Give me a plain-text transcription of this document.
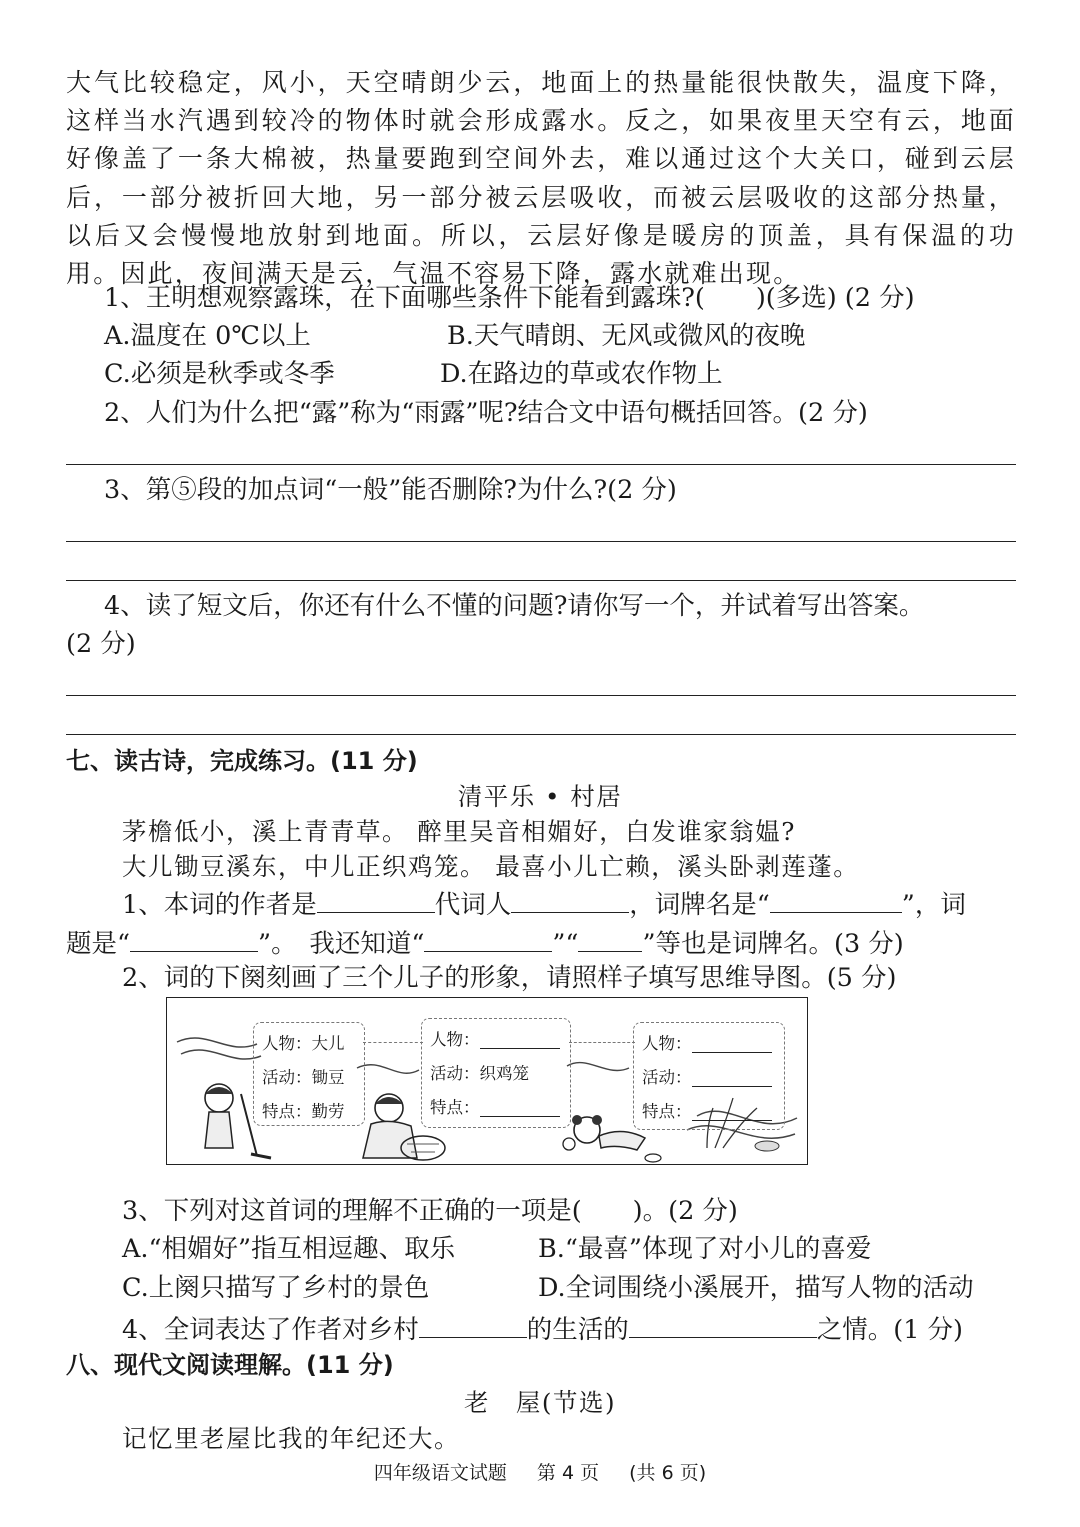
大气比较稳定，风小，天空晴朗少云，地面上的热量能很快散失，温度下降，这样当水汽遇到较冷的物体时就会形成露水。反之，如果夜里天空有云，地面好像盖了一条大棉被，热量要跑到空间外去，难以通过这个大关口，碰到云层后，一部分被折回大地，另一部分被云层吸收，而被云层吸收的这部分热量，以后又会慢慢地放射到地面。所以，云层好像是暖房的顶盖，具有保温的功用。因此，夜间满天是云，气温不容易下降，露水就难出现。
1、王明想观察露珠，在下面哪些条件下能看到露珠?(　　)(多选) (2 分)
A.温度在 0℃以上	B.天气晴朗、无风或微风的夜晚
C.必须是秋季或冬季	D.在路边的草或农作物上
2、人们为什么把“露”称为“雨露”呢?结合文中语句概括回答。(2 分)
3、第⑤段的加点词“一般”能否删除?为什么?(2 分)
4、读了短文后，你还有什么不懂的问题?请你写一个，并试着写出答案。
(2 分)
七、读古诗，完成练习。(11 分)
清平乐 • 村居
茅檐低小，溪上青青草。 醉里吴音相媚好，白发谁家翁媪?
大儿锄豆溪东，中儿正织鸡笼。 最喜小儿亡赖，溪头卧剥莲蓬。
1、本词的作者是	代词人	，词牌名是“	”，词
题是“	”。　我还知道“	”“	”等也是词牌名。(3 分)
2、词的下阕刻画了三个儿子的形象，请照样子填写思维导图。(5 分)
人物：大儿
活动：锄豆
特点：勤劳
人物：
活动：织鸡笼
特点：
人物：
活动：
特点：
3、下列对这首词的理解不正确的一项是(　　)。(2 分)
A.“相媚好”指互相逗趣、取乐	B.“最喜”体现了对小儿的喜爱
C.上阕只描写了乡村的景色	D.全词围绕小溪展开，描写人物的活动
4、全词表达了作者对乡村	的生活的	之情。(1 分)
八、现代文阅读理解。(11 分)
老　屋(节选)
记忆里老屋比我的年纪还大。
四年级语文试题 第 4 页 (共 6 页)
